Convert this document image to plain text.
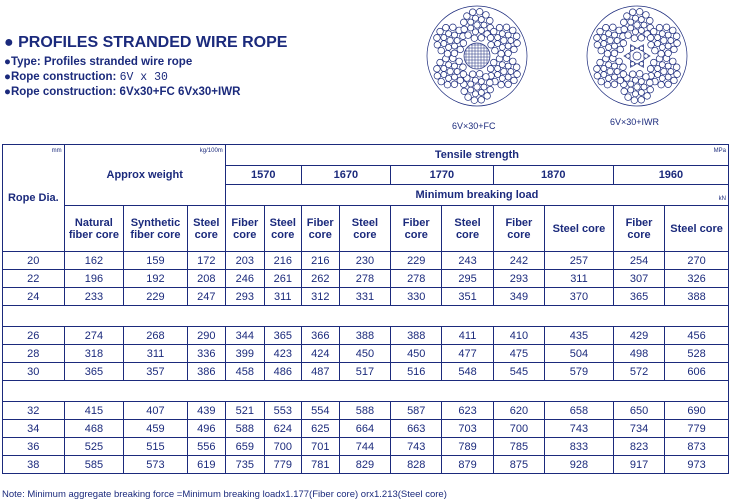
● PROFILES STRANDED WIRE ROPE
●Type: Profiles stranded wire rope
●Rope construction: 6V x 30
●Rope construction: 6Vx30+FC 6Vx30+IWR
6V×30+FC	6V×30+IWR
mm
Rope Dia.	kg/100m
Approx weight			MPa
Tensile strength									
				1570		1670		1770		1870		1960	
				Minimum breaking load kN									

	Natural fiber core	Synthetic fiber core	Steel core	Fiber core	Steel core	Fiber core	Steel core	Fiber core	Steel core	Fiber core	Steel core	Fiber core	Steel core
20	162	159	172	203	216	216	230	229	243	242	257	254	270
22	196	192	208	246	261	262	278	278	295	293	311	307	326
24	233	229	247	293	311	312	331	330	351	349	370	365	388

26	274	268	290	344	365	366	388	388	411	410	435	429	456
28	318	311	336	399	423	424	450	450	477	475	504	498	528
30	365	357	386	458	486	487	517	516	548	545	579	572	606

32	415	407	439	521	553	554	588	587	623	620	658	650	690
34	468	459	496	588	624	625	664	663	703	700	743	734	779
36	525	515	556	659	700	701	744	743	789	785	833	823	873
38	585	573	619	735	779	781	829	828	879	875	928	917	973
Note: Minimum aggregate breaking force =Minimum breaking loadx1.177(Fiber core) orx1.213(Steel core)
